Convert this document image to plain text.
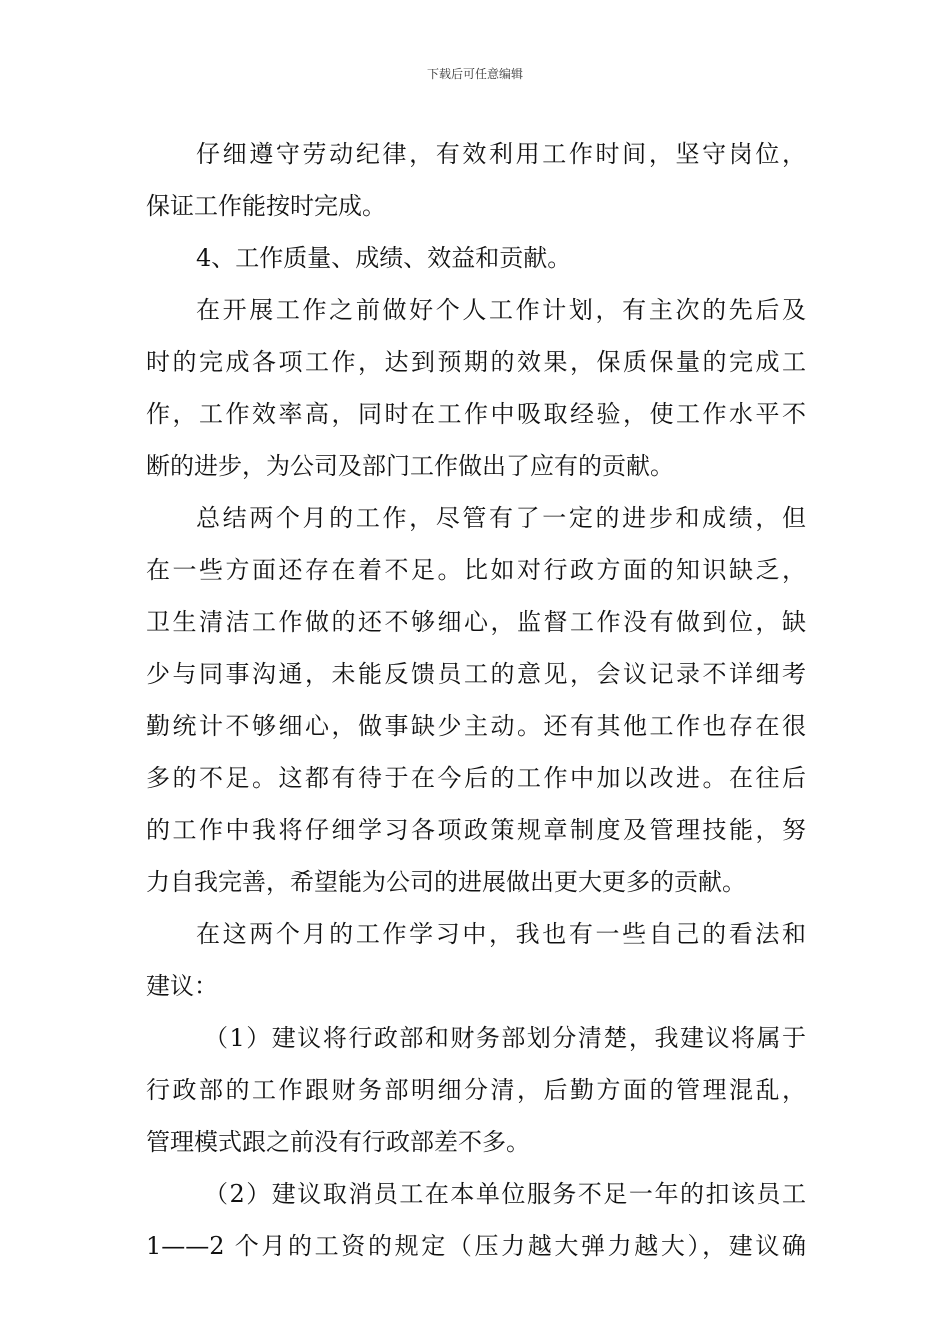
下载后可任意编辑
仔细遵守劳动纪律，有效利用工作时间，坚守岗位，
保证工作能按时完成。
4、工作质量、成绩、效益和贡献。
在开展工作之前做好个人工作计划，有主次的先后及
时的完成各项工作，达到预期的效果，保质保量的完成工
作，工作效率高，同时在工作中吸取经验，使工作水平不
断的进步，为公司及部门工作做出了应有的贡献。
总结两个月的工作，尽管有了一定的进步和成绩，但
在一些方面还存在着不足。比如对行政方面的知识缺乏，
卫生清洁工作做的还不够细心，监督工作没有做到位，缺
少与同事沟通，未能反馈员工的意见，会议记录不详细考
勤统计不够细心，做事缺少主动。还有其他工作也存在很
多的不足。这都有待于在今后的工作中加以改进。在往后
的工作中我将仔细学习各项政策规章制度及管理技能，努
力自我完善，希望能为公司的进展做出更大更多的贡献。
在这两个月的工作学习中，我也有一些自己的看法和
建议：
（1）建议将行政部和财务部划分清楚，我建议将属于
行政部的工作跟财务部明细分清，后勤方面的管理混乱，
管理模式跟之前没有行政部差不多。
（2）建议取消员工在本单位服务不足一年的扣该员工
1——2 个月的工资的规定（压力越大弹力越大），建议确
